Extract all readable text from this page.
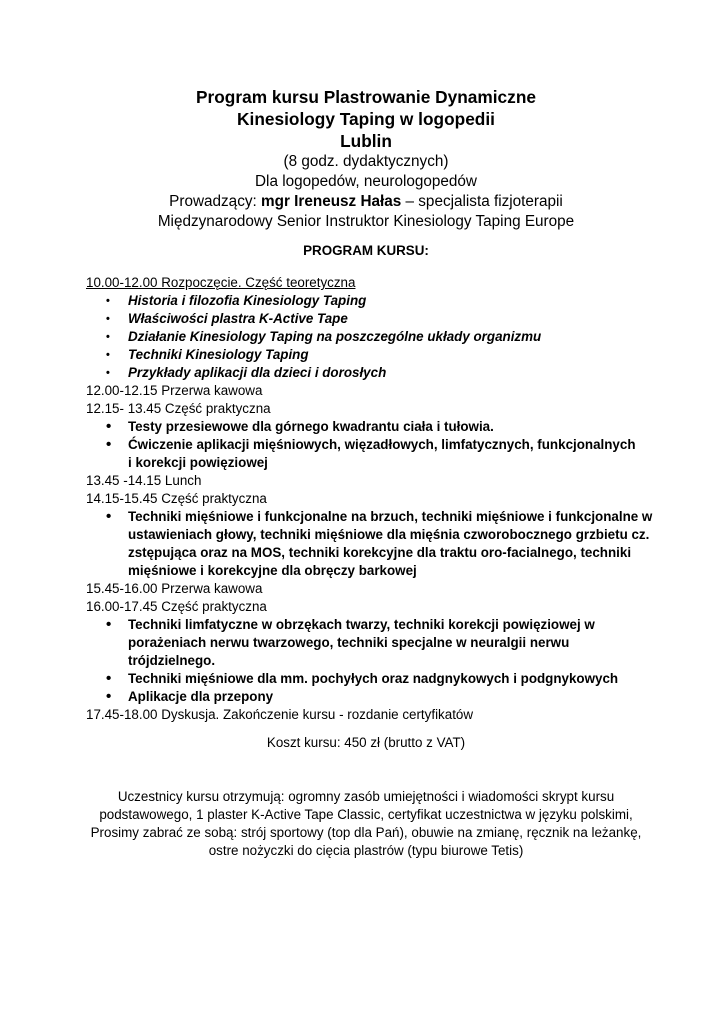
Program kursu Plastrowanie Dynamiczne
Kinesiology Taping w logopedii
Lublin
(8 godz. dydaktycznych)
Dla logopedów, neurologopedów
Prowadzący: mgr Ireneusz Hałas – specjalista fizjoterapii
Międzynarodowy Senior Instruktor Kinesiology Taping Europe
PROGRAM KURSU:
10.00-12.00 Rozpoczęcie. Część teoretyczna
• Historia i filozofia Kinesiology Taping
• Właściwości plastra K-Active Tape
• Działanie Kinesiology Taping na poszczególne układy organizmu
• Techniki Kinesiology Taping
• Przykłady aplikacji dla dzieci i dorosłych
12.00-12.15 Przerwa kawowa
12.15- 13.45 Część praktyczna
• Testy przesiewowe dla górnego kwadrantu ciała i tułowia.
• Ćwiczenie aplikacji mięśniowych, więzadłowych, limfatycznych, funkcjonalnych
i korekcji powięziowej
13.45 -14.15 Lunch
14.15-15.45 Część praktyczna
• Techniki mięśniowe i funkcjonalne na brzuch, techniki mięśniowe i funkcjonalne w
ustawieniach głowy, techniki mięśniowe dla mięśnia czworobocznego grzbietu cz.
zstępująca oraz na MOS, techniki korekcyjne dla traktu oro-facialnego, techniki
mięśniowe i korekcyjne dla obręczy barkowej
15.45-16.00 Przerwa kawowa
16.00-17.45 Część praktyczna
• Techniki limfatyczne w obrzękach twarzy, techniki korekcji powięziowej w
porażeniach nerwu twarzowego, techniki specjalne w neuralgii nerwu
trójdzielnego.
• Techniki mięśniowe dla mm. pochyłych oraz nadgnykowych i podgnykowych
• Aplikacje dla przepony
17.45-18.00 Dyskusja. Zakończenie kursu - rozdanie certyfikatów
Koszt kursu: 450 zł (brutto z VAT)
Uczestnicy kursu otrzymują: ogromny zasób umiejętności i wiadomości skrypt kursu
podstawowego, 1 plaster K-Active Tape Classic, certyfikat uczestnictwa w języku polskimi,
Prosimy zabrać ze sobą: strój sportowy (top dla Pań), obuwie na zmianę, ręcznik na leżankę,
ostre nożyczki do cięcia plastrów (typu biurowe Tetis)
